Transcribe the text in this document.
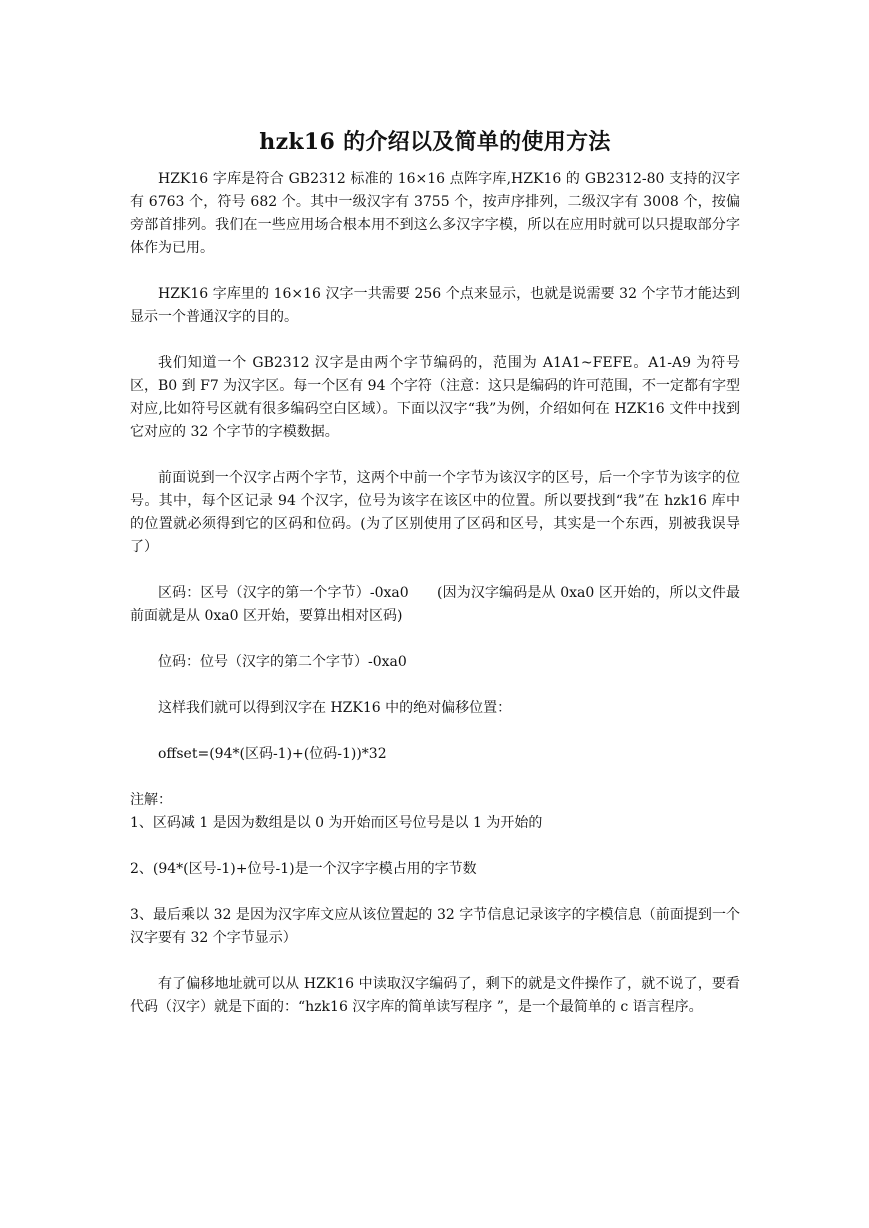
hzk16 的介绍以及简单的使用方法

HZK16 字库是符合 GB2312 标准的 16×16 点阵字库,HZK16 的 GB2312-80 支持的汉字有 6763 个，符号 682 个。其中一级汉字有 3755 个，按声序排列，二级汉字有 3008 个，按偏旁部首排列。我们在一些应用场合根本用不到这么多汉字字模，所以在应用时就可以只提取部分字体作为已用。

HZK16 字库里的 16×16 汉字一共需要 256 个点来显示，也就是说需要 32 个字节才能达到显示一个普通汉字的目的。

我们知道一个 GB2312 汉字是由两个字节编码的，范围为 A1A1~FEFE。A1-A9 为符号区，B0 到 F7 为汉字区。每一个区有 94 个字符（注意：这只是编码的许可范围，不一定都有字型对应,比如符号区就有很多编码空白区域）。下面以汉字“我”为例，介绍如何在 HZK16 文件中找到它对应的 32 个字节的字模数据。

前面说到一个汉字占两个字节，这两个中前一个字节为该汉字的区号，后一个字节为该字的位号。其中，每个区记录 94 个汉字，位号为该字在该区中的位置。所以要找到“我”在 hzk16 库中的位置就必须得到它的区码和位码。(为了区别使用了区码和区号，其实是一个东西，别被我误导了）

区码：区号（汉字的第一个字节）-0xa0　　(因为汉字编码是从 0xa0 区开始的，所以文件最前面就是从 0xa0 区开始，要算出相对区码)

位码：位号（汉字的第二个字节）-0xa0

这样我们就可以得到汉字在 HZK16 中的绝对偏移位置：

offset=(94*(区码-1)+(位码-1))*32

注解：

1、区码减 1 是因为数组是以 0 为开始而区号位号是以 1 为开始的

2、(94*(区号-1)+位号-1)是一个汉字字模占用的字节数

3、最后乘以 32 是因为汉字库文应从该位置起的 32 字节信息记录该字的字模信息（前面提到一个汉字要有 32 个字节显示）

有了偏移地址就可以从 HZK16 中读取汉字编码了，剩下的就是文件操作了，就不说了，要看代码（汉字）就是下面的：“hzk16 汉字库的简单读写程序 ”，是一个最简单的 c 语言程序。
